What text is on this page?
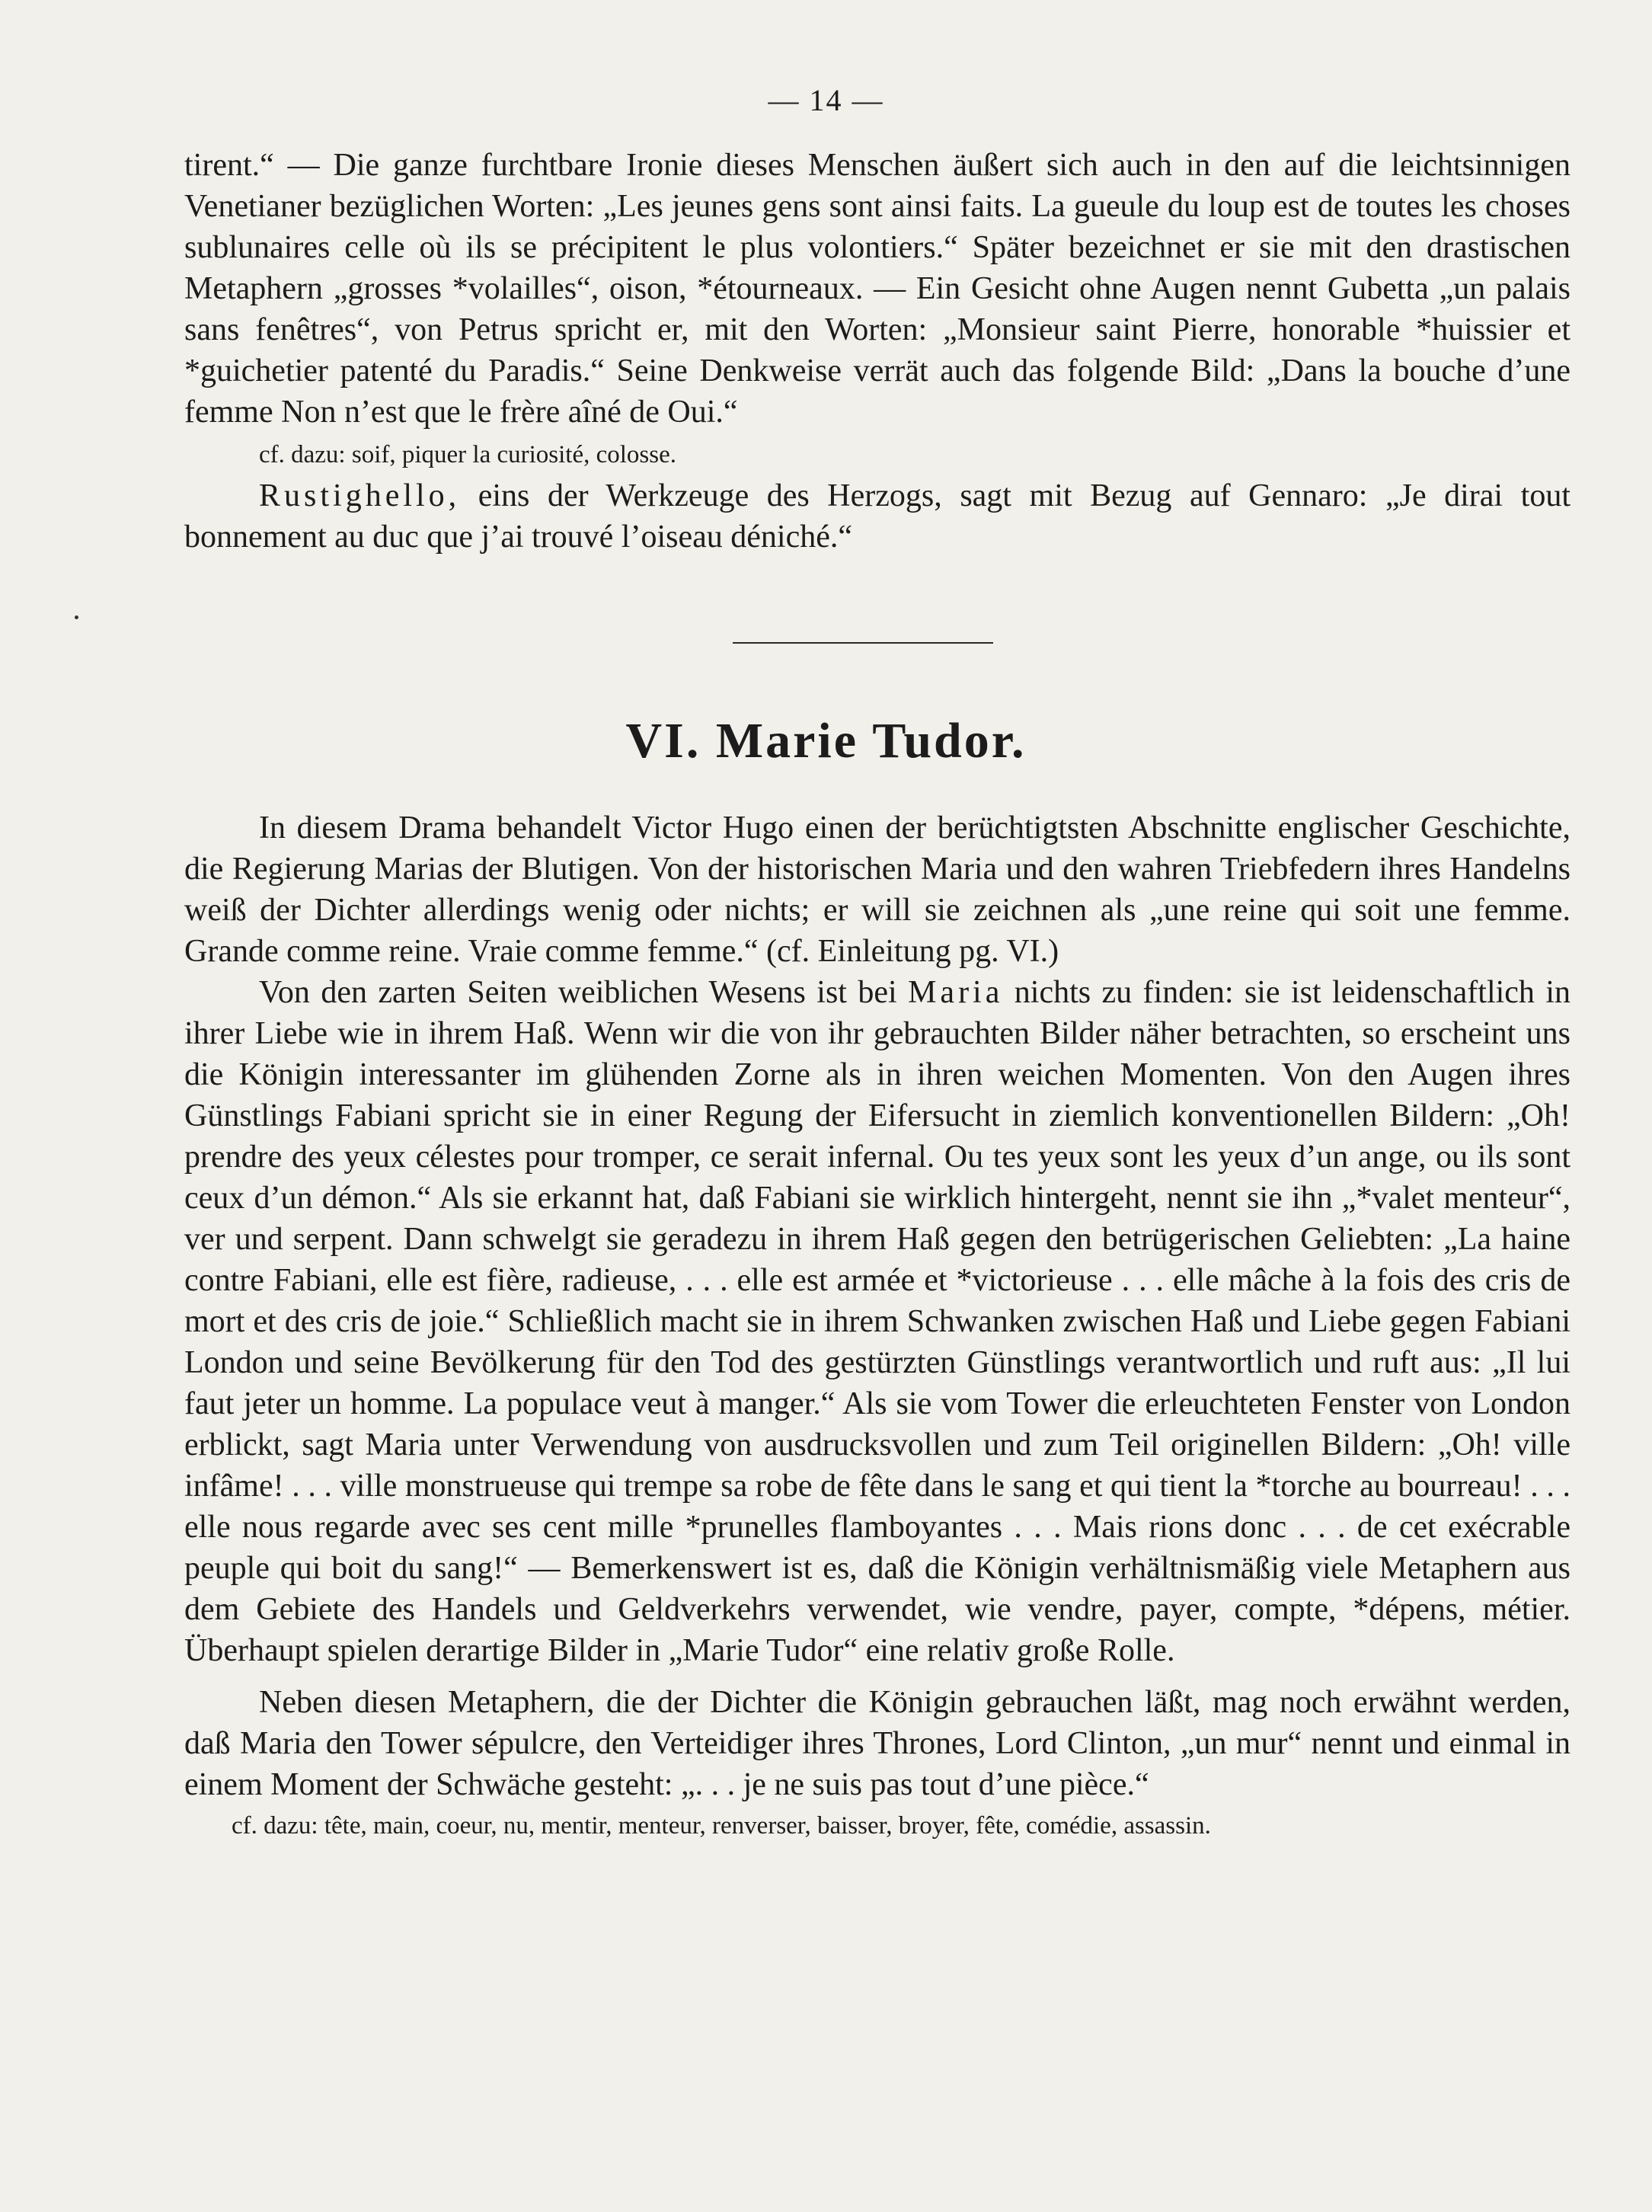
— 14 —

tirent.“ — Die ganze furchtbare Ironie dieses Menschen äußert sich auch in den auf die leichtsinnigen Venetianer bezüglichen Worten: „Les jeunes gens sont ainsi faits. La gueule du loup est de toutes les choses sublunaires celle où ils se précipitent le plus volontiers.“ Später bezeichnet er sie mit den drastischen Metaphern „grosses *volailles“, oison, *étourneaux. — Ein Gesicht ohne Augen nennt Gubetta „un palais sans fenêtres“, von Petrus spricht er, mit den Worten: „Monsieur saint Pierre, honorable *huissier et *guichetier patenté du Paradis.“ Seine Denkweise verrät auch das folgende Bild: „Dans la bouche d’une femme Non n’est que le frère aîné de Oui.“

cf. dazu: soif, piquer la curiosité, colosse.

Rustighello, eins der Werkzeuge des Herzogs, sagt mit Bezug auf Gennaro: „Je dirai tout bonnement au duc que j’ai trouvé l’oiseau déniché.“

VI. Marie Tudor.

In diesem Drama behandelt Victor Hugo einen der berüchtigtsten Abschnitte englischer Geschichte, die Regierung Marias der Blutigen. Von der historischen Maria und den wahren Triebfedern ihres Handelns weiß der Dichter allerdings wenig oder nichts; er will sie zeichnen als „une reine qui soit une femme. Grande comme reine. Vraie comme femme.“ (cf. Einleitung pg. VI.)

Von den zarten Seiten weiblichen Wesens ist bei Maria nichts zu finden: sie ist leidenschaftlich in ihrer Liebe wie in ihrem Haß. Wenn wir die von ihr gebrauchten Bilder näher betrachten, so erscheint uns die Königin interessanter im glühenden Zorne als in ihren weichen Momenten. Von den Augen ihres Günstlings Fabiani spricht sie in einer Regung der Eifersucht in ziemlich konventionellen Bildern: „Oh! prendre des yeux célestes pour tromper, ce serait infernal. Ou tes yeux sont les yeux d’un ange, ou ils sont ceux d’un démon.“ Als sie erkannt hat, daß Fabiani sie wirklich hintergeht, nennt sie ihn „*valet menteur“, ver und serpent. Dann schwelgt sie geradezu in ihrem Haß gegen den betrügerischen Geliebten: „La haine contre Fabiani, elle est fière, radieuse, . . . elle est armée et *victorieuse . . . elle mâche à la fois des cris de mort et des cris de joie.“ Schließlich macht sie in ihrem Schwanken zwischen Haß und Liebe gegen Fabiani London und seine Bevölkerung für den Tod des gestürzten Günstlings verantwortlich und ruft aus: „Il lui faut jeter un homme. La populace veut à manger.“ Als sie vom Tower die erleuchteten Fenster von London erblickt, sagt Maria unter Verwendung von ausdrucksvollen und zum Teil originellen Bildern: „Oh! ville infâme! . . . ville monstrueuse qui trempe sa robe de fête dans le sang et qui tient la *torche au bourreau! . . . elle nous regarde avec ses cent mille *prunelles flamboyantes . . . Mais rions donc . . . de cet exécrable peuple qui boit du sang!“ — Bemerkenswert ist es, daß die Königin verhältnismäßig viele Metaphern aus dem Gebiete des Handels und Geldverkehrs verwendet, wie vendre, payer, compte, *dépens, métier. Überhaupt spielen derartige Bilder in „Marie Tudor“ eine relativ große Rolle.

Neben diesen Metaphern, die der Dichter die Königin gebrauchen läßt, mag noch erwähnt werden, daß Maria den Tower sépulcre, den Verteidiger ihres Thrones, Lord Clinton, „un mur“ nennt und einmal in einem Moment der Schwäche gesteht: „. . . je ne suis pas tout d’une pièce.“

cf. dazu: tête, main, coeur, nu, mentir, menteur, renverser, baisser, broyer, fête, comédie, assassin.
